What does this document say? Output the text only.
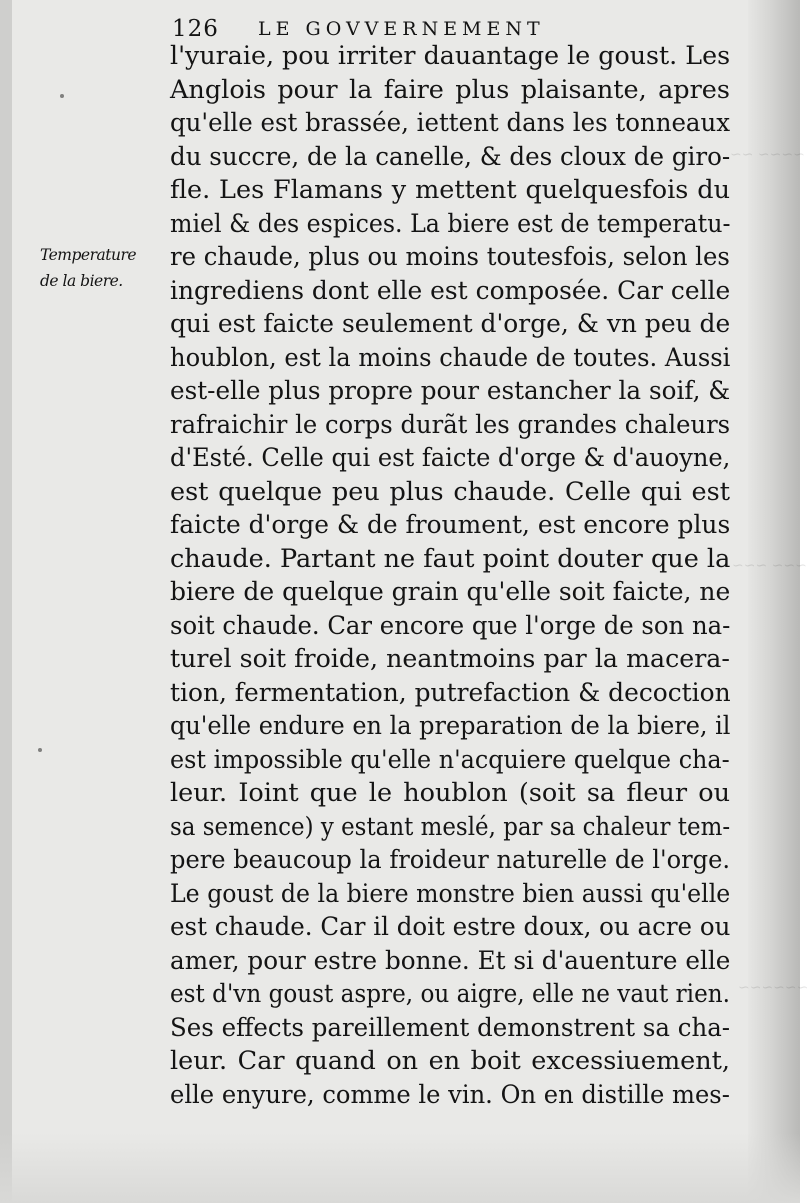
~~~~ ~~
~~~ ~~~
~~~~~~
126 LE GOVVERNEMENT
Temperature
de la biere.
l'yuraie, pou irriter dauantage le goust. Les
Anglois pour la faire plus plaisante, apres
qu'elle est brassée, iettent dans les tonneaux
du succre, de la canelle, & des cloux de giro-
fle. Les Flamans y mettent quelquesfois du
miel & des espices. La biere est de temperatu-
re chaude, plus ou moins toutesfois, selon les
ingrediens dont elle est composée. Car celle
qui est faicte seulement d'orge, & vn peu de
houblon, est la moins chaude de toutes. Aussi
est-elle plus propre pour estancher la soif, &
rafraichir le corps durãt les grandes chaleurs
d'Esté. Celle qui est faicte d'orge & d'auoyne,
est quelque peu plus chaude. Celle qui est
faicte d'orge & de froument, est encore plus
chaude. Partant ne faut point douter que la
biere de quelque grain qu'elle soit faicte, ne
soit chaude. Car encore que l'orge de son na-
turel soit froide, neantmoins par la macera-
tion, fermentation, putrefaction & decoction
qu'elle endure en la preparation de la biere, il
est impossible qu'elle n'acquiere quelque cha-
leur. Ioint que le houblon (soit sa fleur ou
sa semence) y estant meslé, par sa chaleur tem-
pere beaucoup la froideur naturelle de l'orge.
Le goust de la biere monstre bien aussi qu'elle
est chaude. Car il doit estre doux, ou acre ou
amer, pour estre bonne. Et si d'auenture elle
est d'vn goust aspre, ou aigre, elle ne vaut rien.
Ses effects pareillement demonstrent sa cha-
leur. Car quand on en boit excessiuement,
elle enyure, comme le vin. On en distille mes-
